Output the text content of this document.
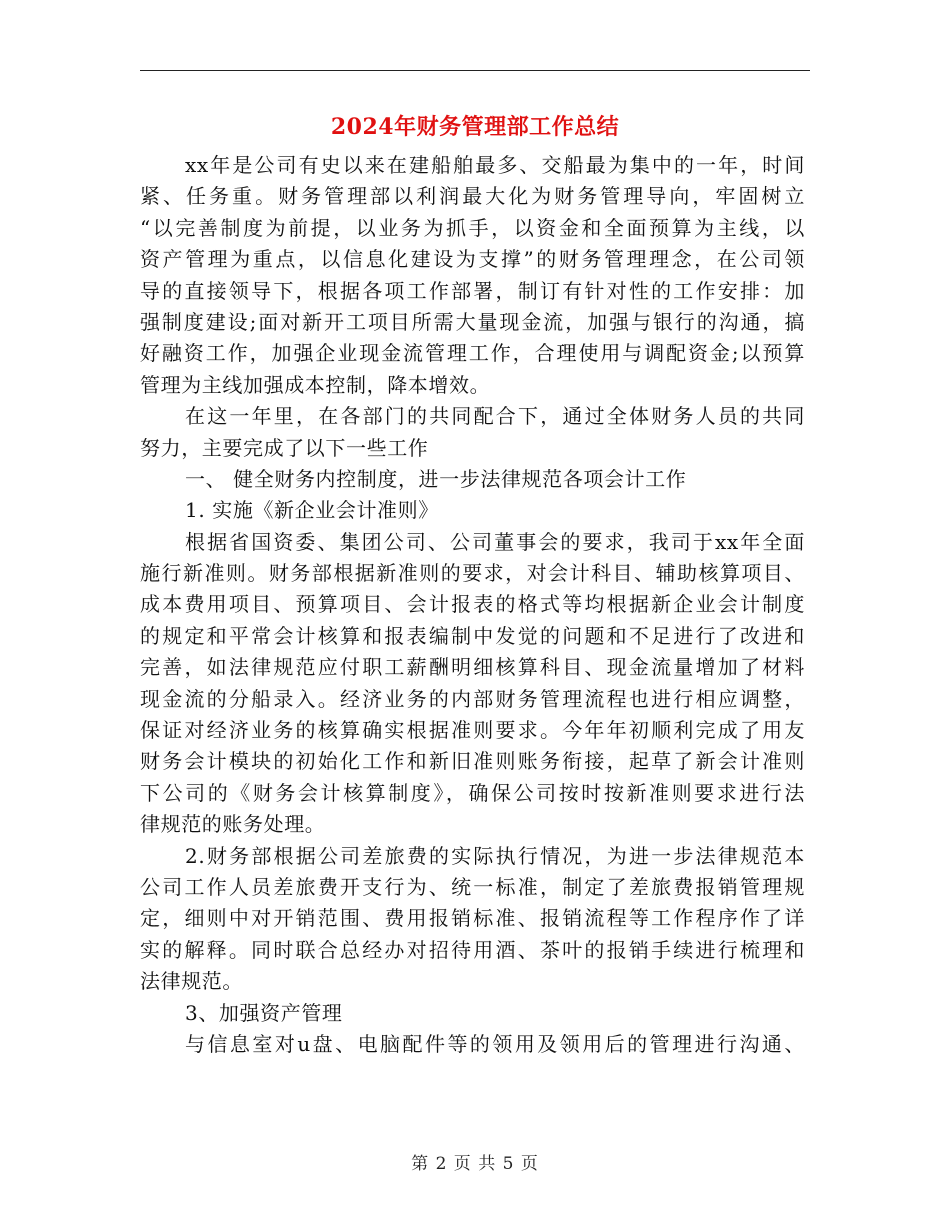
2024年财务管理部工作总结
xx年是公司有史以来在建船舶最多、交船最为集中的一年，时间
紧、任务重。财务管理部以利润最大化为财务管理导向，牢固树立
“以完善制度为前提，以业务为抓手，以资金和全面预算为主线，以
资产管理为重点，以信息化建设为支撑”的财务管理理念，在公司领
导的直接领导下，根据各项工作部署，制订有针对性的工作安排：加
强制度建设;面对新开工项目所需大量现金流，加强与银行的沟通，搞
好融资工作，加强企业现金流管理工作，合理使用与调配资金;以预算
管理为主线加强成本控制，降本增效。
在这一年里，在各部门的共同配合下，通过全体财务人员的共同
努力，主要完成了以下一些工作
一、 健全财务内控制度，进一步法律规范各项会计工作
1. 实施《新企业会计准则》
根据省国资委、集团公司、公司董事会的要求，我司于xx年全面
施行新准则。财务部根据新准则的要求，对会计科目、辅助核算项目、
成本费用项目、预算项目、会计报表的格式等均根据新企业会计制度
的规定和平常会计核算和报表编制中发觉的问题和不足进行了改进和
完善，如法律规范应付职工薪酬明细核算科目、现金流量增加了材料
现金流的分船录入。经济业务的内部财务管理流程也进行相应调整，
保证对经济业务的核算确实根据准则要求。今年年初顺利完成了用友
财务会计模块的初始化工作和新旧准则账务衔接，起草了新会计准则
下公司的《财务会计核算制度》，确保公司按时按新准则要求进行法
律规范的账务处理。
2.财务部根据公司差旅费的实际执行情况，为进一步法律规范本
公司工作人员差旅费开支行为、统一标准，制定了差旅费报销管理规
定，细则中对开销范围、费用报销标准、报销流程等工作程序作了详
实的解释。同时联合总经办对招待用酒、茶叶的报销手续进行梳理和
法律规范。
3、加强资产管理
与信息室对u盘、电脑配件等的领用及领用后的管理进行沟通、
第 2 页 共 5 页
